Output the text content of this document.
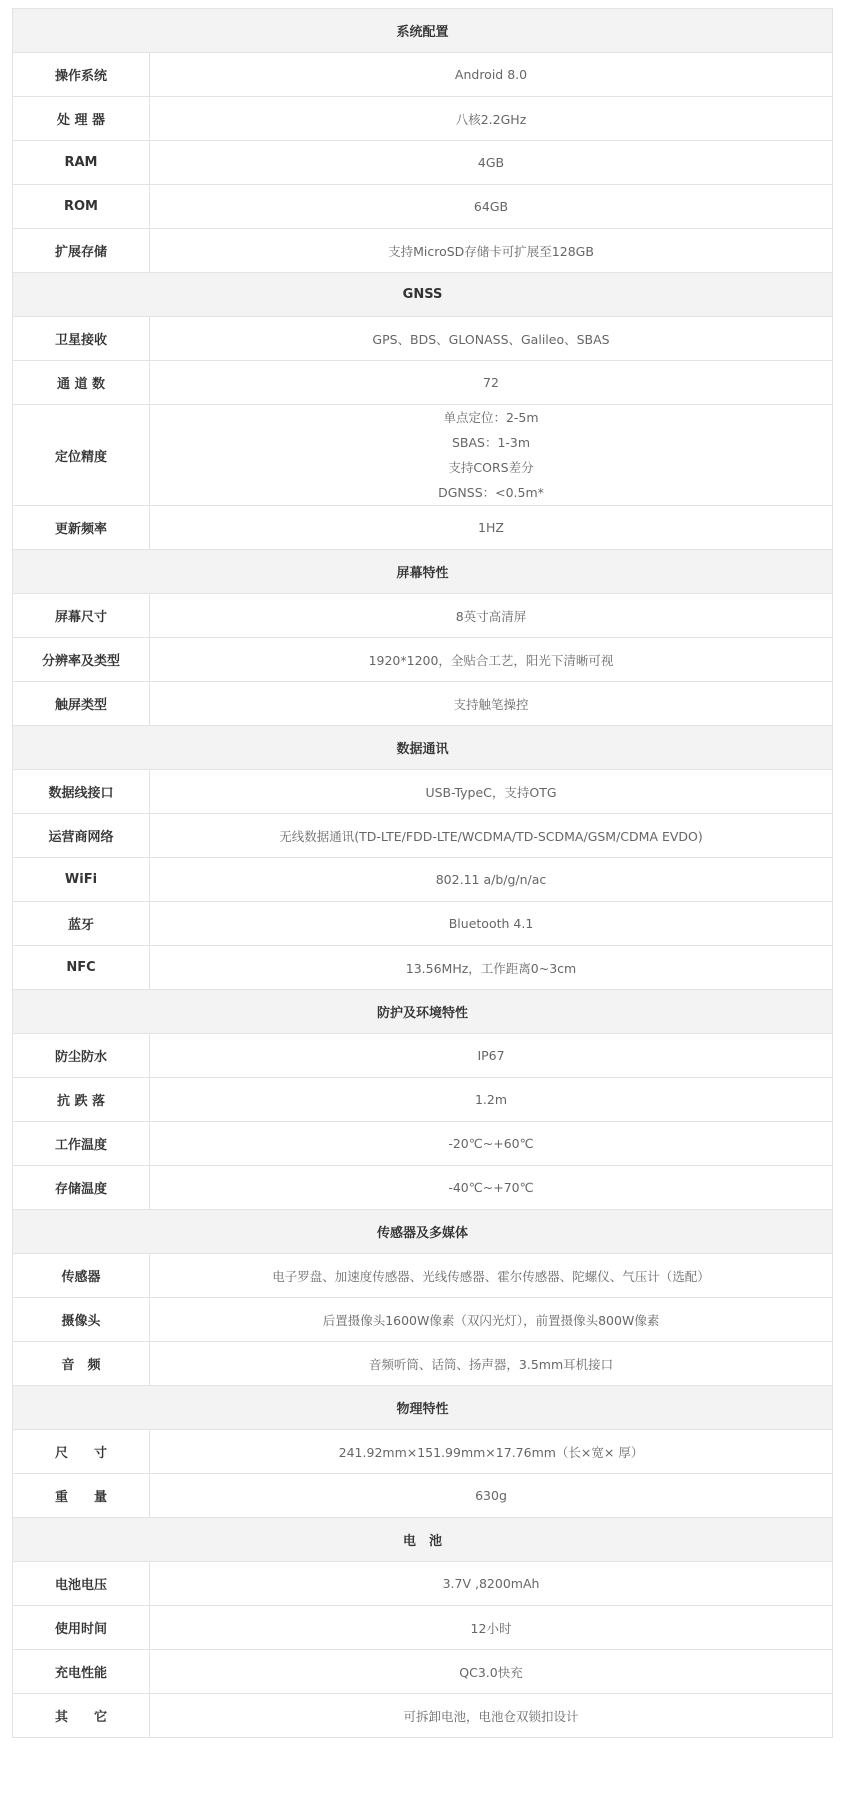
系统配置	
操作系统	Android 8.0
处 理 器	八核2.2GHz
RAM	4GB
ROM	64GB
扩展存储	支持MicroSD存储卡可扩展至128GB
GNSS	
卫星接收	GPS、BDS、GLONASS、Galileo、SBAS
通 道 数	72
定位精度	单点定位：2-5m
SBAS：1-3m
支持CORS差分
DGNSS：<0.5m*

更新频率	1HZ
屏幕特性	
屏幕尺寸	8英寸高清屏
分辨率及类型	1920*1200，全贴合工艺，阳光下清晰可视
触屏类型	支持触笔操控
数据通讯	
数据线接口	USB-TypeC，支持OTG
运营商网络	无线数据通讯(TD-LTE/FDD-LTE/WCDMA/TD-SCDMA/GSM/CDMA EVDO)
WiFi	802.11 a/b/g/n/ac
蓝牙	Bluetooth 4.1
NFC	13.56MHz，工作距离0~3cm
防护及环境特性	
防尘防水	IP67
抗 跌 落	1.2m
工作温度	-20℃~+60℃
存储温度	-40℃~+70℃
传感器及多媒体	
传感器	电子罗盘、加速度传感器、光线传感器、霍尔传感器、陀螺仪、气压计（选配）
摄像头	后置摄像头1600W像素（双闪光灯），前置摄像头800W像素
音　频	音频听筒、话筒、扬声器，3.5mm耳机接口
物理特性	
尺　　寸	241.92mm×151.99mm×17.76mm（长×宽× 厚）
重　　量	630g
电　池	
电池电压	3.7V ,8200mAh
使用时间	12小时
充电性能	QC3.0快充
其　　它	可拆卸电池，电池仓双锁扣设计
